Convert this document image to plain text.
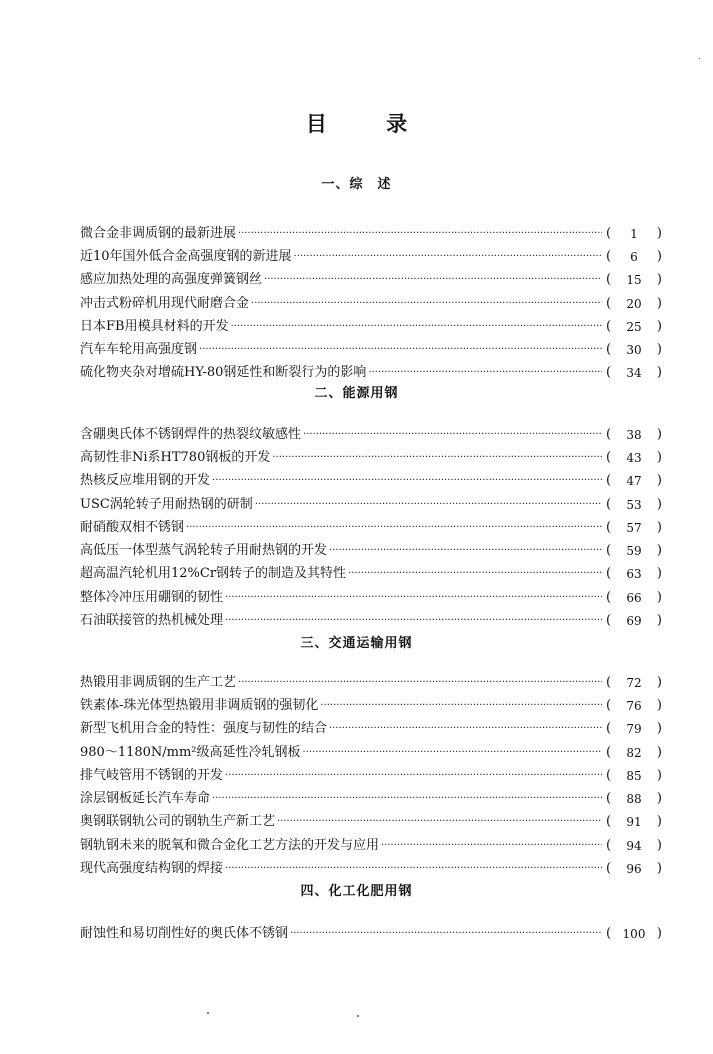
目 录
一、综　述
微合金非调质钢的最新进展 ·····	(	1	)
近10年国外低合金高强度钢的新进展 ·····	(	6	)
感应加热处理的高强度弹簧钢丝 ·····	(	15	)
冲击式粉碎机用现代耐磨合金 ·····	(	20	)
日本FB用模具材料的开发 ·····	(	25	)
汽车车轮用高强度钢 ·····	(	30	)
硫化物夹杂对增硫HY-80钢延性和断裂行为的影响 ·····	(	34	)
二、能源用钢
含硼奥氏体不锈钢焊件的热裂纹敏感性 ·····	(	38	)
高韧性非Ni系HT780钢板的开发 ·····	(	43	)
热核反应堆用钢的开发 ·····	(	47	)
USC涡轮转子用耐热钢的研制 ·····	(	53	)
耐硝酸双相不锈钢 ·····	(	57	)
高低压一体型蒸气涡轮转子用耐热钢的开发 ·····	(	59	)
超高温汽轮机用12%Cr钢转子的制造及其特性 ·····	(	63	)
整体冷冲压用硼钢的韧性 ·····	(	66	)
石油联接管的热机械处理 ·····	(	69	)
三、交通运输用钢
热锻用非调质钢的生产工艺 ·····	(	72	)
铁素体-珠光体型热锻用非调质钢的强韧化 ·····	(	76	)
新型飞机用合金的特性：强度与韧性的结合 ·····	(	79	)
980～1180N/mm²级高延性冷轧钢板 ·····	(	82	)
排气岐管用不锈钢的开发 ·····	(	85	)
涂层钢板延长汽车寿命 ·····	(	88	)
奥钢联钢轨公司的钢轨生产新工艺 ·····	(	91	)
钢轨钢未来的脱氧和微合金化工艺方法的开发与应用 ·····	(	94	)
现代高强度结构钢的焊接 ·····	(	96	)
四、化工化肥用钢
耐蚀性和易切削性好的奥氏体不锈钢 ·····	( 100 )
